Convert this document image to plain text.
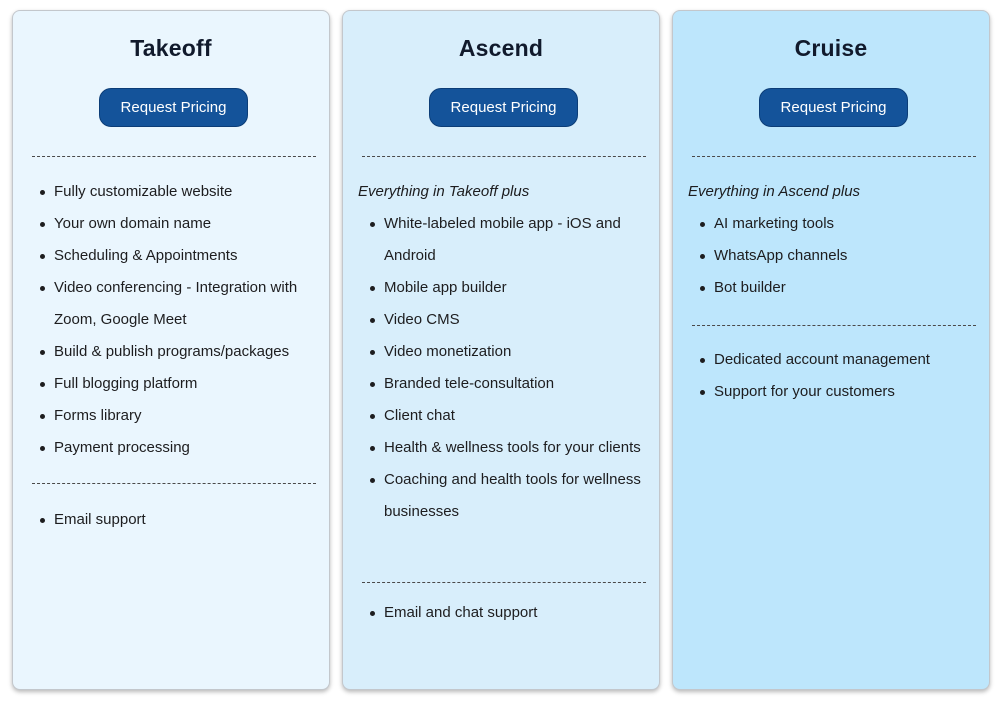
Takeoff
Request Pricing
Fully customizable website
Your own domain name
Scheduling & Appointments
Video conferencing - Integration with Zoom, Google Meet
Build & publish programs/packages
Full blogging platform
Forms library
Payment processing
Email support
Ascend
Request Pricing

Everything in Takeoff plus

White-labeled mobile app - iOS and Android
Mobile app builder
Video CMS
Video monetization
Branded tele-consultation
Client chat
Health & wellness tools for your clients
Coaching and health tools for wellness businesses
Email and chat support
Cruise
Request Pricing

Everything in Ascend plus

AI marketing tools
WhatsApp channels
Bot builder
Dedicated account management
Support for your customers
